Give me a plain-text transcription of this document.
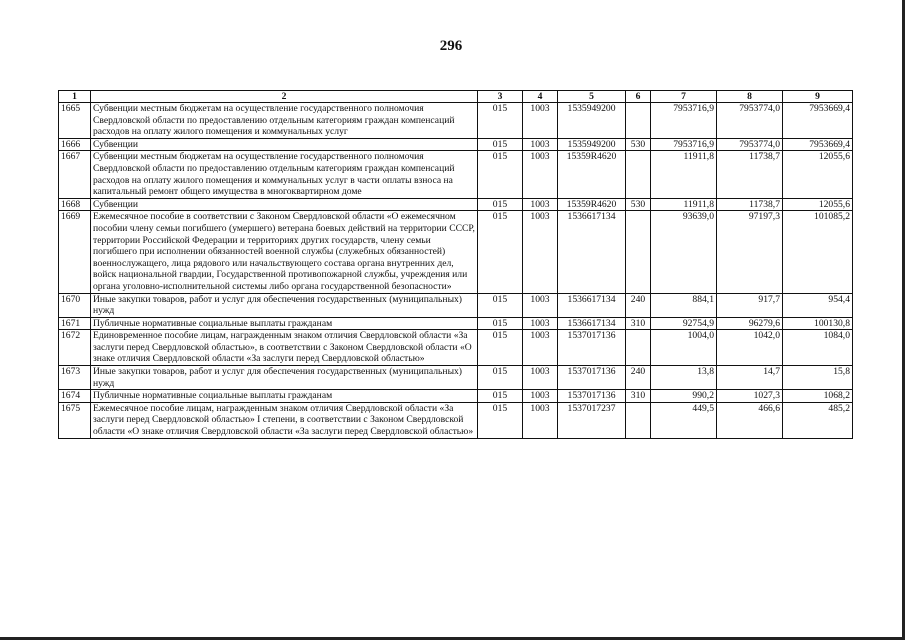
296
1	2	3	4	5	6	7	8	9
1665	Субвенции местным бюджетам на осуществление государственного полномочия Свердловской области по предоставлению отдельным категориям граждан компенсаций расходов на оплату жилого помещения и коммунальных услуг	015	1003	1535949200		7953716,9	7953774,0	7953669,4
1666	Субвенции	015	1003	1535949200	530	7953716,9	7953774,0	7953669,4
1667	Субвенции местным бюджетам на осуществление государственного полномочия Свердловской области по предоставлению отдельным категориям граждан компенсаций расходов на оплату жилого помещения и коммунальных услуг в части оплаты взноса на капитальный ремонт общего имущества в многоквартирном доме	015	1003	15359R4620		11911,8	11738,7	12055,6
1668	Субвенции	015	1003	15359R4620	530	11911,8	11738,7	12055,6
1669	Ежемесячное пособие в соответствии с Законом Свердловской области «О ежемесячном пособии члену семьи погибшего (умершего) ветерана боевых действий на территории СССР, территории Российской Федерации и территориях других государств, члену семьи погибшего при исполнении обязанностей военной службы (служебных обязанностей) военнослужащего, лица рядового или начальствующего состава органа внутренних дел, войск национальной гвардии, Государственной противопожарной службы, учреждения или органа уголовно-исполнительной системы либо органа государственной безопасности»	015	1003	1536617134		93639,0	97197,3	101085,2
1670	Иные закупки товаров, работ и услуг для обеспечения государственных (муниципальных) нужд	015	1003	1536617134	240	884,1	917,7	954,4
1671	Публичные нормативные социальные выплаты гражданам	015	1003	1536617134	310	92754,9	96279,6	100130,8
1672	Единовременное пособие лицам, награжденным знаком отличия Свердловской области «За заслуги перед Свердловской областью», в соответствии с Законом Свердловской области «О знаке отличия Свердловской области «За заслуги перед Свердловской областью»	015	1003	1537017136		1004,0	1042,0	1084,0
1673	Иные закупки товаров, работ и услуг для обеспечения государственных (муниципальных) нужд	015	1003	1537017136	240	13,8	14,7	15,8
1674	Публичные нормативные социальные выплаты гражданам	015	1003	1537017136	310	990,2	1027,3	1068,2
1675	Ежемесячное пособие лицам, награжденным знаком отличия Свердловской области «За заслуги перед Свердловской областью» I степени, в соответствии с Законом Свердловской области «О знаке отличия Свердловской области «За заслуги перед Свердловской областью»	015	1003	1537017237		449,5	466,6	485,2
